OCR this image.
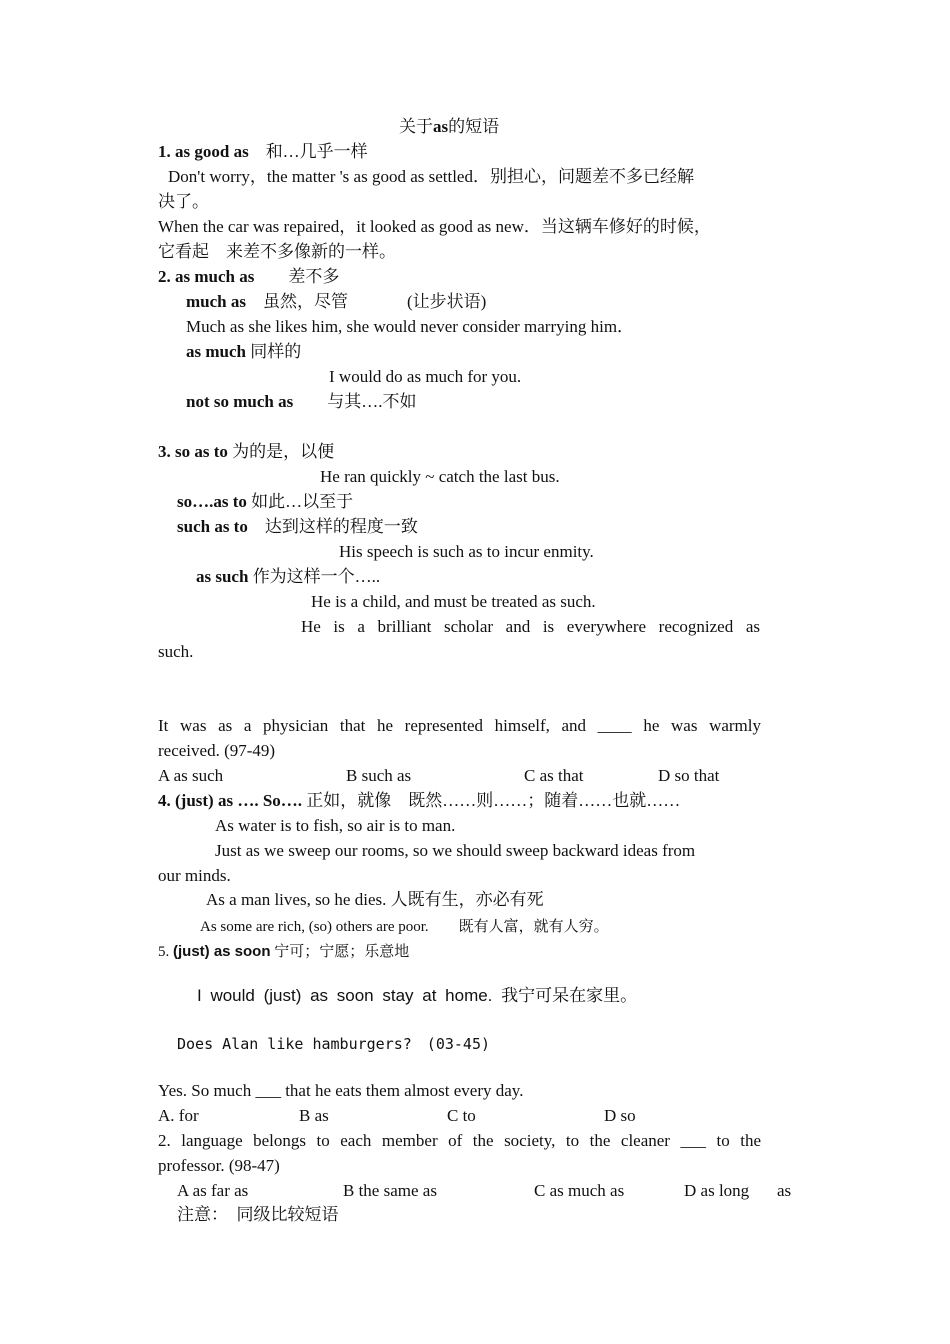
关于as的短语
1. as good as　 和…几乎一样
Don't worry，the matter 's as good as settled．别担心，问题差不多已经解
决了。
When the car was repaired，it looked as good as new．当这辆车修好的时候，
它看起　来差不多像新的一样。
2. as much as　　 差不多
much as　 虽然，尽管	(让步状语)
Much as she likes him, she would never consider marrying him．
as much 同样的
I would do as much for you.
not so much as　　 与其….不如
3. so as to 为的是，以便
He ran quickly ~ catch the last bus.
so….as to 如此…以至于
such as to　 达到这样的程度一致
His speech is such as to incur enmity.
as such 作为这样一个…..
He is a child, and must be treated as such.
He is a brilliant scholar and is everywhere recognized as
such.
It was as a physician that he represented himself, and ____ he was warmly
received. (97-49)
A as such	B such as	C as that	D so that
4. (just) as …. So…. 正如，就像　既然……则……；随着……也就……
As water is to fish, so air is to man.
Just as we sweep our rooms, so we should sweep backward ideas from
our minds.
As a man lives, so he dies. 人既有生，亦必有死
As some are rich, (so) others are poor.　　既有人富，就有人穷。
5. (just) as soon 宁可；宁愿；乐意地
I would (just) as soon stay at home. 我宁可呆在家里。
Does Alan like hamburgers?　(03-45)
Yes. So much ___ that he eats them almost every day.
A. for	B as	C to	D so
2. language belongs to each member of the society, to the cleaner ___ to the
professor. (98-47)
A as far as	B the same as	C as much as	D as long as
注意：　同级比较短语
